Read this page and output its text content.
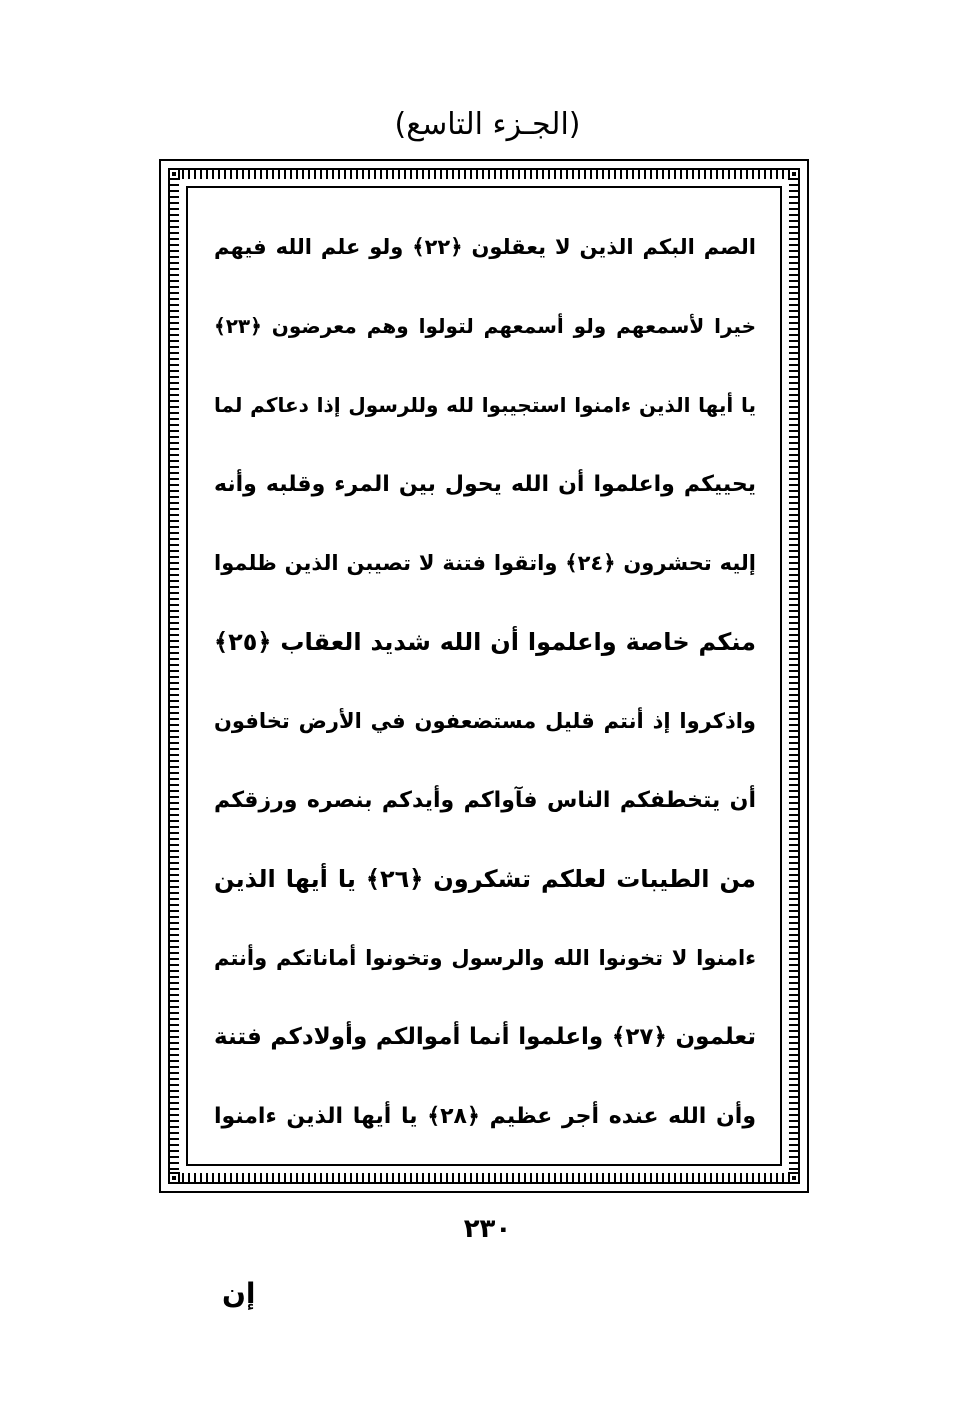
(الجـزء التاسع)
الصم البكم الذين لا يعقلون ﴿٢٢﴾ ولو علم الله فيهم
خيرا لأسمعهم ولو أسمعهم لتولوا وهم معرضون ﴿٢٣﴾
يا أيها الذين ءامنوا استجيبوا لله وللرسول إذا دعاكم لما
يحييكم واعلموا أن الله يحول بين المرء وقلبه وأنه
إليه تحشرون ﴿٢٤﴾ واتقوا فتنة لا تصيبن الذين ظلموا
منكم خاصة واعلموا أن الله شديد العقاب ﴿٢٥﴾
واذكروا إذ أنتم قليل مستضعفون في الأرض تخافون
أن يتخطفكم الناس فآواكم وأيدكم بنصره ورزقكم
من الطيبات لعلكم تشكرون ﴿٢٦﴾ يا أيها الذين
ءامنوا لا تخونوا الله والرسول وتخونوا أماناتكم وأنتم
تعلمون ﴿٢٧﴾ واعلموا أنما أموالكم وأولادكم فتنة
وأن الله عنده أجر عظيم ﴿٢٨﴾ يا أيها الذين ءامنوا
٢٣٠
إن
